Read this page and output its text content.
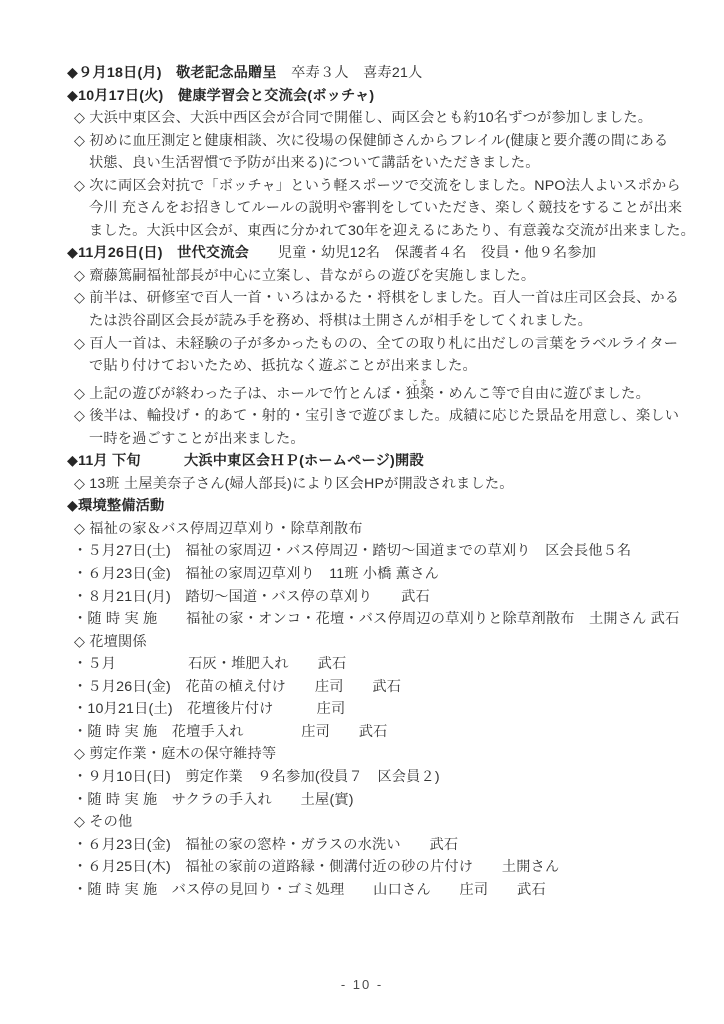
◆９月18日(月)　敬老記念品贈呈　卒寿３人　喜寿21人

◆10月17日(火)　健康学習会と交流会(ボッチャ)

◇ 大浜中東区会、大浜中西区会が合同で開催し、両区会とも約10名ずつが参加しました。

◇ 初めに血圧測定と健康相談、次に役場の保健師さんからフレイル(健康と要介護の間にある

状態、良い生活習慣で予防が出来る)について講話をいただきました。

◇ 次に両区会対抗で「ボッチャ」という軽スポーツで交流をしました。NPO法人よいスポから

今川 充さんをお招きしてルールの説明や審判をしていただき、楽しく競技をすることが出来

ました。大浜中区会が、東西に分かれて30年を迎えるにあたり、有意義な交流が出来ました。

◆11月26日(日)　世代交流会　　児童・幼児12名　保護者４名　役員・他９名参加

◇ 齋藤篤嗣福祉部長が中心に立案し、昔ながらの遊びを実施しました。

◇ 前半は、研修室で百人一首・いろはかるた・将棋をしました。百人一首は庄司区会長、かる

たは渋谷副区会長が読み手を務め、将棋は土開さんが相手をしてくれました。

◇ 百人一首は、未経験の子が多かったものの、全ての取り札に出だしの言葉をラベルライター

で貼り付けておいたため、抵抗なく遊ぶことが出来ました。

◇ 上記の遊びが終わった子は、ホールで竹とんぼ・独楽こま・めんこ等で自由に遊びました。

◇ 後半は、輪投げ・的あて・射的・宝引きで遊びました。成績に応じた景品を用意し、楽しい

一時を過ごすことが出来ました。

◆11月 下旬　　　大浜中東区会ＨＰ(ホームページ)開設

◇ 13班 土屋美奈子さん(婦人部長)により区会HPが開設されました。

◆環境整備活動

◇ 福祉の家＆バス停周辺草刈り・除草剤散布

・５月27日(土)　福祉の家周辺・バス停周辺・踏切～国道までの草刈り　区会長他５名

・６月23日(金)　福祉の家周辺草刈り　11班 小橋 薫さん

・８月21日(月)　踏切～国道・バス停の草刈り　　武石

・随 時 実 施　　福祉の家・オンコ・花壇・バス停周辺の草刈りと除草剤散布　土開さん 武石

◇ 花壇関係

・５月　　　　　石灰・堆肥入れ　　武石

・５月26日(金)　花苗の植え付け　　庄司　　武石

・10月21日(土)　花壇後片付け　　　庄司

・随 時 実 施　花壇手入れ　　　　庄司　　武石

◇ 剪定作業・庭木の保守維持等

・９月10日(日)　剪定作業　９名参加(役員７　区会員２)

・随 時 実 施　サクラの手入れ　　土屋(實)

◇ その他

・６月23日(金)　福祉の家の窓枠・ガラスの水洗い　　武石

・６月25日(木)　福祉の家前の道路縁・側溝付近の砂の片付け　　土開さん

・随 時 実 施　バス停の見回り・ゴミ処理　　山口さん　　庄司　　武石

- 10 -
